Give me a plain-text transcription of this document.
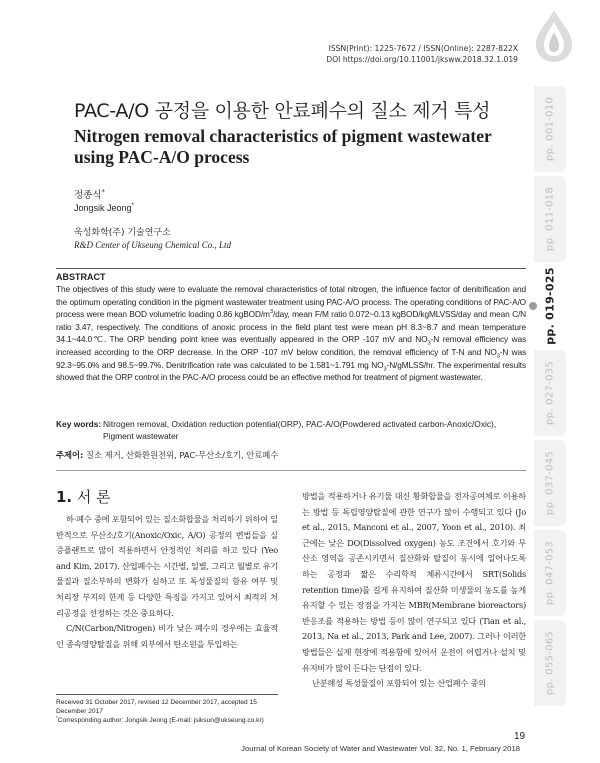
ISSN(Print): 1225-7672 / ISSN(Online): 2287-822X
DOI https://doi.org/10.11001/jksww.2018.32.1.019
pp. 001-010
pp. 011-018
pp. 019-025
pp. 027-035
pp. 037-045
pp. 047-053
pp. 055-065
PAC-A/O 공정을 이용한 안료폐수의 질소 제거 특성
Nitrogen removal characteristics of pigment wastewater using PAC-A/O process
정종식*
Jongsik Jeong*
욱성화학(주) 기술연구소
R&D Center of Ukseung Chemical Co., Ltd
ABSTRACT
The objectives of this study were to evaluate the removal characteristics of total nitrogen, the influence factor of denitrification and the optimum operating condition in the pigment wastewater treatment using PAC-A/O process. The operating conditions of PAC-A/O process were mean BOD volumetric loading 0.86 kgBOD/$m^3$/day, mean F/M ratio 0.072~0.13 kgBOD/kgMLVSS/day and mean C/N ratio 3.47, respectively. The conditions of anoxic process in the field plant test were mean pH 8.3~8.7 and mean temperature 34.1~44.0℃. The ORP bending point knee was eventually appeared in the ORP -107 mV and $NO_3-N$ removal efficiency was increased according to the ORP decrease. In the ORP -107 mV below condition, the removal efficiency of T-N and $NO_3-N$ was 92.3~95.0% and 98.5~99.7%. Denitrification rate was calculated to be 1.581~1.791 mg $NO_3-N/gMLSS/hr$. The experimental results showed that the ORP control in the PAC-A/O process could be an effective method for treatment of pigment wastewater.
Key words: Nitrogen removal, Oxidation reduction potential(ORP), PAC-A/O(Powdered activated carbon-Anoxic/Oxic), Pigment wastewater
주제어: 질소 제거, 산화환원전위, PAC-무산소/호기, 안료폐수
1. 서 론

하·폐수 중에 포함되어 있는 질소화합물을 처리하기 위하여 일반적으로 무산소/호기(Anoxic/Oxic, A/O) 공정의 변법들을 실증플랜트로 많이 적용하면서 안정적인 처리를 하고 있다 (Yeo and Kim, 2017). 산업폐수는 시간별, 일별, 그리고 월별로 유기물질과 질소부하의 변화가 심하고 또 독성물질의 함유 여부 및 처리장 부지의 한계 등 다양한 특징을 가지고 있어서 최적의 처리공정을 선정하는 것은 중요하다.

C/N(Carbon/Nitrogen) 비가 낮은 폐수의 경우에는 효율적인 종속영양탈질을 위해 외부에서 탄소원을 투입하는

Received 31 October 2017, revised 12 December 2017, accepted 15 December 2017
*Corresponding author: Jongsik Jeong (E-mail: jsiksun@ukseung.co.kr)

방법을 적용하거나 유기물 대신 황화합물을 전자공여체로 이용하는 방법 등 독립영양탈질에 관한 연구가 많이 수행되고 있다 (Jo et al., 2015, Manconi et al., 2007, Yoon et al., 2010). 최근에는 낮은 DO(Dissolved oxygen) 농도 조건에서 호기와 무산소 영역을 공존시키면서 질산화와 탈질이 동시에 일어나도록 하는 공정과 짧은 수리학적 체류시간에서 SRT(Solids retention time)를 길게 유지하여 질산화 미생물의 농도를 높게 유지할 수 있는 장점을 가지는 MBR(Membrane bioreactors) 반응조를 적용하는 방법 등이 많이 연구되고 있다 (Tian et al., 2013, Na et al., 2013, Park and Lee, 2007). 그러나 이러한 방법들은 실제 현장에 적용함에 있어서 운전이 어렵거나 설치 및 유지비가 많이 든다는 단점이 있다.

난분해성 독성물질이 포함되어 있는 산업폐수 중의

19
Journal of Korean Society of Water and Wastewater Vol. 32, No. 1, February 2018
